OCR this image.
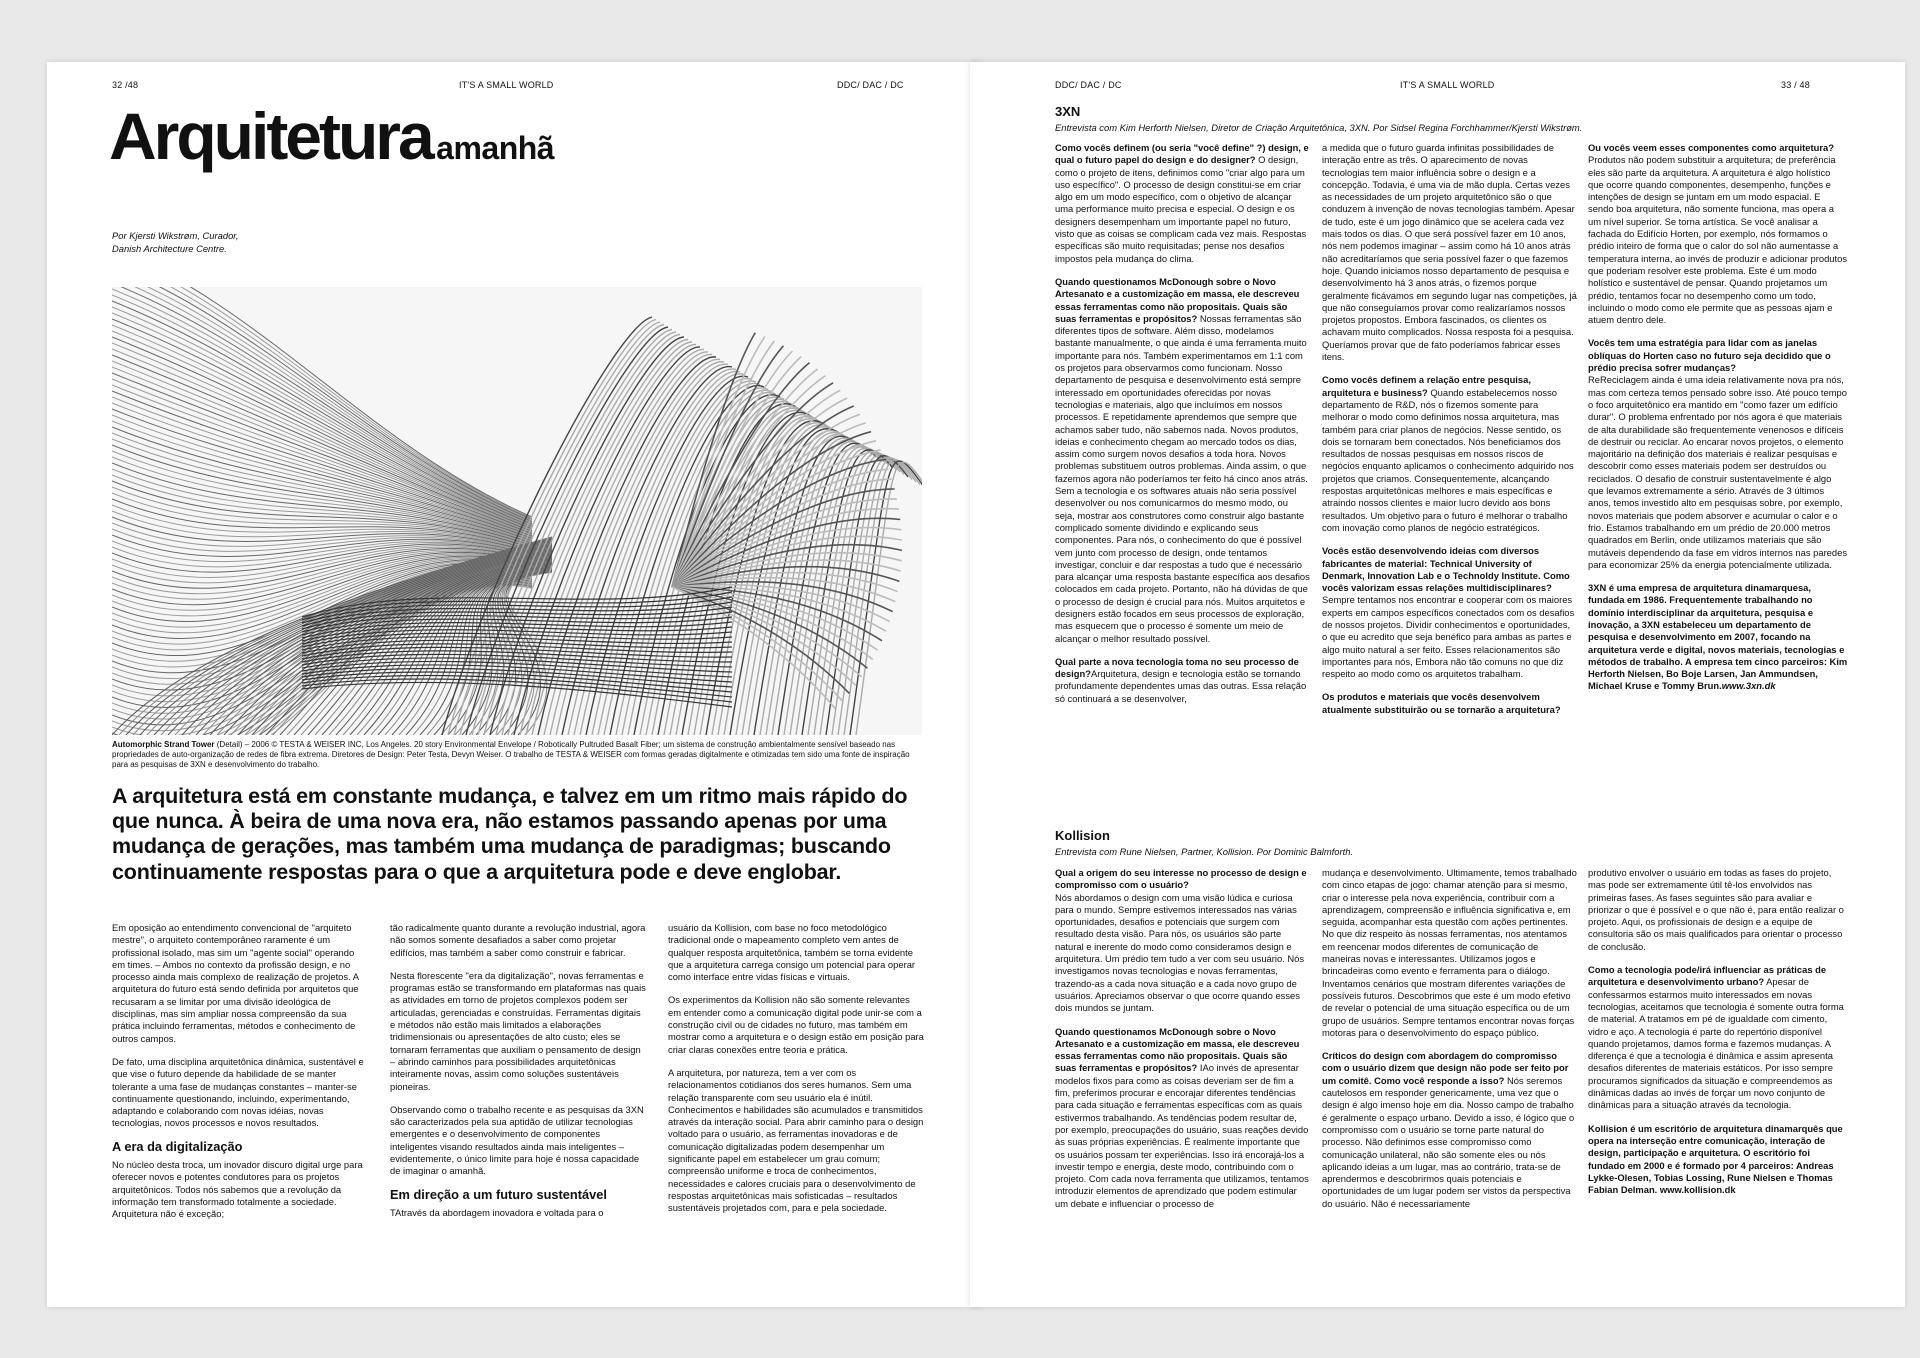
32 /48	IT'S A SMALL WORLD	DDC/ DAC / DC
Arquitetura amanhã
Por Kjersti Wikstrøm, Curador,
Danish Architecture Centre.
Automorphic Strand Tower (Detail) – 2006 © TESTA & WEISER INC, Los Angeles. 20 story Environmental Envelope / Robotically Pultruded Basalt Fiber; um sistema de construção ambientalmente sensível baseado nas propriedades de auto-organização de redes de fibra extrema. Diretores de Design: Peter Testa, Devyn Weiser. O trabalho de TESTA & WEISER com formas geradas digitalmente e otimizadas tem sido uma fonte de inspiração para as pesquisas de 3XN e desenvolvimento do trabalho.
A arquitetura está em constante mudança, e talvez em um ritmo mais rápido do que nunca. À beira de uma nova era, não estamos passando apenas por uma mudança de gerações, mas também uma mudança de paradigmas; buscando continuamente respostas para o que a arquitetura pode e deve englobar.

Em oposição ao entendimento convencional de "arquiteto mestre", o arquiteto contemporâneo raramente é um profissional isolado, mas sim um "agente social" operando em times. – Ambos no contexto da profissão design, e no processo ainda mais complexo de realização de projetos. A arquitetura do futuro está sendo definida por arquitetos que recusaram a se limitar por uma divisão ideológica de disciplinas, mas sim ampliar nossa compreensão da sua prática incluindo ferramentas, métodos e conhecimento de outros campos.

De fato, uma disciplina arquitetônica dinâmica, sustentável e que vise o futuro depende da habilidade de se manter tolerante a uma fase de mudanças constantes – manter-se continuamente questionando, incluindo, experimentando, adaptando e colaborando com novas idéias, novas tecnologias, novos processos e novos resultados.

A era da digitalização

No núcleo desta troca, um inovador discuro digital urge para oferecer novos e potentes condutores para os projetos arquitetônicos. Todos nós sabemos que a revolução da informação tem transformado totalmente a sociedade. Arquitetura não é exceção;

tão radicalmente quanto durante a revolução industrial, agora não somos somente desafiados a saber como projetar edifícios, mas também a saber como construir e fabricar.

Nesta florescente "era da digitalização", novas ferramentas e programas estão se transformando em plataformas nas quais as atividades em torno de projetos complexos podem ser articuladas, gerenciadas e construídas. Ferramentas digitais e métodos não estão mais limitados a elaborações tridimensionais ou apresentações de alto custo; eles se tornaram ferramentas que auxiliam o pensamento de design – abrindo caminhos para possibilidades arquitetônicas inteiramente novas, assim como soluções sustentáveis pioneiras.

Observando como o trabalho recente e as pesquisas da 3XN são caracterizados pela sua aptidão de utilizar tecnologias emergentes e o desenvolvimento de componentes inteligentes visando resultados ainda mais inteligentes – evidentemente, o único limite para hoje é nossa capacidade de imaginar o amanhã.

Em direção a um futuro sustentável

TAtravés da abordagem inovadora e voltada para o

usuário da Kollision, com base no foco metodológico tradicional onde o mapeamento completo vem antes de qualquer resposta arquitetônica, também se torna evidente que a arquitetura carrega consigo um potencial para operar como interface entre vidas físicas e virtuais.

Os experimentos da Kollision não são somente relevantes em entender como a comunicação digital pode unir-se com a construção civil ou de cidades no futuro, mas também em mostrar como a arquitetura e o design estão em posição para criar claras conexões entre teoria e prática.

A arquitetura, por natureza, tem a ver com os relacionamentos cotidianos dos seres humanos. Sem uma relação transparente com seu usuário ela é inútil. Conhecimentos e habilidades são acumulados e transmitidos através da interação social. Para abrir caminho para o design voltado para o usuário, as ferramentas inovadoras e de comunicação digitalizadas podem desempenhar um significante papel em estabelecer um grau comum; compreensão uniforme e troca de conhecimentos, necessidades e calores cruciais para o desenvolvimento de respostas arquitetônicas mais sofisticadas – resultados sustentáveis projetados com, para e pela sociedade.

DDC/ DAC / DC	IT'S A SMALL WORLD	33 / 48
3XN
Entrevista com Kim Herforth Nielsen, Diretor de Criação Arquitetônica, 3XN. Por Sidsel Regina Forchhammer/Kjersti Wikstrøm.

Como vocês definem (ou seria "você define" ?) design, e qual o futuro papel do design e do designer? O design, como o projeto de itens, definimos como "criar algo para um uso específico". O processo de design constitui-se em criar algo em um modo específico, com o objetivo de alcançar uma performance muito precisa e especial. O design e os designers desempenham um importante papel no futuro, visto que as coisas se complicam cada vez mais. Respostas específicas são muito requisitadas; pense nos desafios impostos pela mudança do clima.

Quando questionamos McDonough sobre o Novo Artesanato e a customização em massa, ele descreveu essas ferramentas como não propositais. Quais são suas ferramentas e propósitos? Nossas ferramentas são diferentes tipos de software. Além disso, modelamos bastante manualmente, o que ainda é uma ferramenta muito importante para nós. Também experimentamos em 1:1 com os projetos para observarmos como funcionam. Nosso departamento de pesquisa e desenvolvimento está sempre interessado em oportunidades oferecidas por novas tecnologias e materiais, algo que incluímos em nossos processos. E repetidamente aprendemos que sempre que achamos saber tudo, não sabemos nada. Novos produtos, ideias e conhecimento chegam ao mercado todos os dias, assim como surgem novos desafios a toda hora. Novos problemas substituem outros problemas. Ainda assim, o que fazemos agora não poderíamos ter feito há cinco anos atrás. Sem a tecnologia e os softwares atuais não seria possível desenvolver ou nos comunicarmos do mesmo modo, ou seja, mostrar aos construtores como construir algo bastante complicado somente dividindo e explicando seus componentes. Para nós, o conhecimento do que é possível vem junto com processo de design, onde tentamos investigar, concluir e dar respostas a tudo que é necessário para alcançar uma resposta bastante específica aos desafios colocados em cada projeto. Portanto, não há dúvidas de que o processo de design é crucial para nós. Muitos arquitetos e designers estão focados em seus processos de exploração, mas esquecem que o processo é somente um meio de alcançar o melhor resultado possível.

Qual parte a nova tecnologia toma no seu processo de design?Arquitetura, design e tecnologia estão se tornando profundamente dependentes umas das outras. Essa relação só continuará a se desenvolver,

a medida que o futuro guarda infinitas possibilidades de interação entre as três. O aparecimento de novas tecnologias tem maior influência sobre o design e a concepção. Todavia, é uma via de mão dupla. Certas vezes as necessidades de um projeto arquitetônico são o que conduzem à invenção de novas tecnologias também. Apesar de tudo, este é um jogo dinâmico que se acelera cada vez mais todos os dias. O que será possível fazer em 10 anos, nós nem podemos imaginar – assim como há 10 anos atrás não acreditaríamos que seria possível fazer o que fazemos hoje. Quando iniciamos nosso departamento de pesquisa e desenvolvimento há 3 anos atrás, o fizemos porque geralmente ficávamos em segundo lugar nas competições, já que não conseguíamos provar como realizaríamos nossos projetos propostos. Embora fascinados, os clientes os achavam muito complicados. Nossa resposta foi a pesquisa. Queríamos provar que de fato poderíamos fabricar esses itens.

Como vocês definem a relação entre pesquisa, arquitetura e business? Quando estabelecemos nosso departamento de R&D, nós o fizemos somente para melhorar o modo como definimos nossa arquitetura, mas também para criar planos de negócios. Nesse sentido, os dois se tornaram bem conectados. Nós beneficiamos dos resultados de nossas pesquisas em nossos riscos de negócios enquanto aplicamos o conhecimento adquirido nos projetos que criamos. Consequentemente, alcançando respostas arquitetônicas melhores e mais específicas e atraindo nossos clientes e maior lucro devido aos bons resultados. Um objetivo para o futuro é melhorar o trabalho com inovação como planos de negócio estratégicos.

Vocês estão desenvolvendo ideias com diversos fabricantes de material: Technical University of Denmark, Innovation Lab e o Technoldy Institute. Como vocês valorizam essas relações multidisciplinares? Sempre tentamos nos encontrar e cooperar com os maiores experts em campos específicos conectados com os desafios de nossos projetos. Dividir conhecimentos e oportunidades, o que eu acredito que seja benéfico para ambas as partes e algo muito natural a ser feito. Esses relacionamentos são importantes para nós, Embora não tão comuns no que diz respeito ao modo como os arquitetos trabalham.

Os produtos e materiais que vocês desenvolvem atualmente substituirão ou se tornarão a arquitetura?

Ou vocês veem esses componentes como arquitetura? Produtos não podem substituir a arquitetura; de preferência eles são parte da arquitetura. A arquitetura é algo holístico que ocorre quando componentes, desempenho, funções e intenções de design se juntam em um modo espacial. E sendo boa arquitetura, não somente funciona, mas opera a um nível superior. Se torna artística. Se você analisar a fachada do Edifício Horten, por exemplo, nós formamos o prédio inteiro de forma que o calor do sol não aumentasse a temperatura interna, ao invés de produzir e adicionar produtos que poderiam resolver este problema. Este é um modo holístico e sustentável de pensar. Quando projetamos um prédio, tentamos focar no desempenho como um todo, incluindo o modo como ele permite que as pessoas ajam e atuem dentro dele.

Vocês tem uma estratégia para lidar com as janelas oblíquas do Horten caso no futuro seja decidido que o prédio precisa sofrer mudanças?
ReReciclagem ainda é uma ideia relativamente nova pra nós, mas com certeza temos pensado sobre isso. Até pouco tempo o foco arquitetônico era mantido em "como fazer um edifício durar". O problema enfrentado por nós agora é que materiais de alta durabilidade são frequentemente venenosos e difíceis de destruir ou reciclar. Ao encarar novos projetos, o elemento majoritário na definição dos materiais é realizar pesquisas e descobrir como esses materiais podem ser destruídos ou reciclados. O desafio de construir sustentavelmente é algo que levamos extremamente a sério. Através de 3 últimos anos, temos investido alto em pesquisas sobre, por exemplo, novos materiais que podem absorver e acumular o calor e o frio. Estamos trabalhando em um prédio de 20.000 metros quadrados em Berlin, onde utilizamos materiais que são mutáveis dependendo da fase em vidros internos nas paredes para economizar 25% da energia potencialmente utilizada.

3XN é uma empresa de arquitetura dinamarquesa, fundada em 1986. Frequentemente trabalhando no domínio interdisciplinar da arquitetura, pesquisa e inovação, a 3XN estabeleceu um departamento de pesquisa e desenvolvimento em 2007, focando na arquitetura verde e digital, novos materiais, tecnologias e métodos de trabalho. A empresa tem cinco parceiros: Kim Herforth Nielsen, Bo Boje Larsen, Jan Ammundsen, Michael Kruse e Tommy Brun.www.3xn.dk

Kollision
Entrevista com Rune Nielsen, Partner, Kollision. Por Dominic Balmforth.

Qual a origem do seu interesse no processo de design e compromisso com o usuário?
Nós abordamos o design com uma visão lúdica e curiosa para o mundo. Sempre estivemos interessados nas várias oportunidades, desafios e potenciais que surgem com resultado desta visão. Para nós, os usuários são parte natural e inerente do modo como consideramos design e arquitetura. Um prédio tem tudo a ver com seu usuário. Nós investigamos novas tecnologias e novas ferramentas, trazendo-as a cada nova situação e a cada novo grupo de usuários. Apreciamos observar o que ocorre quando esses dois mundos se juntam.

Quando questionamos McDonough sobre o Novo Artesanato e a customização em massa, ele descreveu essas ferramentas como não propositais. Quais são suas ferramentas e propósitos? IAo invés de apresentar modelos fixos para como as coisas deveriam ser de fim a fim, preferimos procurar e encorajar diferentes tendências para cada situação e ferramentas específicas com as quais estivermos trabalhando. As tendências podem resultar de, por exemplo, preocupações do usuário, suas reações devido às suas próprias experiências. É realmente importante que os usuários possam ter experiências. Isso irá encorajá-los a investir tempo e energia, deste modo, contribuindo com o projeto. Com cada nova ferramenta que utilizamos, tentamos introduzir elementos de aprendizado que podem estimular um debate e influenciar o processo de

mudança e desenvolvimento. Ultimamente, temos trabalhado com cinco etapas de jogo: chamar atenção para si mesmo, criar o interesse pela nova experiência, contribuir com a aprendizagem, compreensão e influência significativa e, em seguida, acompanhar esta questão com ações pertinentes. No que diz respeito às nossas ferramentas, nos atentamos em reencenar modos diferentes de comunicação de maneiras novas e interessantes. Utilizamos jogos e brincadeiras como evento e ferramenta para o diálogo. Inventamos cenários que mostram diferentes variações de possíveis futuros. Descobrimos que este é um modo efetivo de revelar o potencial de uma situação específica ou de um grupo de usuários. Sempre tentamos encontrar novas forças motoras para o desenvolvimento do espaço público.

Críticos do design com abordagem do compromisso com o usuário dizem que design não pode ser feito por um comitê. Como você responde a isso? Nós seremos cautelosos em responder genericamente, uma vez que o design é algo imenso hoje em dia. Nosso campo de trabalho é geralmente o espaço urbano. Devido a isso, é lógico que o compromisso com o usuário se torne parte natural do processo. Não definimos esse compromisso como comunicação unilateral, não são somente eles ou nós aplicando ideias a um lugar, mas ao contrário, trata-se de aprendermos e descobrirmos quais potenciais e oportunidades de um lugar podem ser vistos da perspectiva do usuário. Não é necessariamente

produtivo envolver o usuário em todas as fases do projeto, mas pode ser extremamente útil tê-los envolvidos nas primeiras fases. As fases seguintes são para avaliar e priorizar o que é possível e o que não é, para então realizar o projeto. Aqui, os profissionais de design e a equipe de consultoria são os mais qualificados para orientar o processo de conclusão.

Como a tecnologia pode/irá influenciar as práticas de arquitetura e desenvolvimento urbano? Apesar de confessarmos estarmos muito interessados em novas tecnologias, aceitamos que tecnologia é somente outra forma de material. A tratamos em pé de igualdade com cimento, vidro e aço. A tecnologia é parte do repertório disponível quando projetamos, damos forma e fazemos mudanças. A diferença é que a tecnologia é dinâmica e assim apresenta desafios diferentes de materiais estáticos. Por isso sempre procuramos significados da situação e compreendemos as dinâmicas dadas ao invés de forçar um novo conjunto de dinâmicas para a situação através da tecnologia.

Kollision é um escritório de arquitetura dinamarquês que opera na interseção entre comunicação, interação de design, participação e arquitetura. O escritório foi fundado em 2000 e é formado por 4 parceiros: Andreas Lykke-Olesen, Tobias Lossing, Rune Nielsen e Thomas Fabian Delman. www.kollision.dk
